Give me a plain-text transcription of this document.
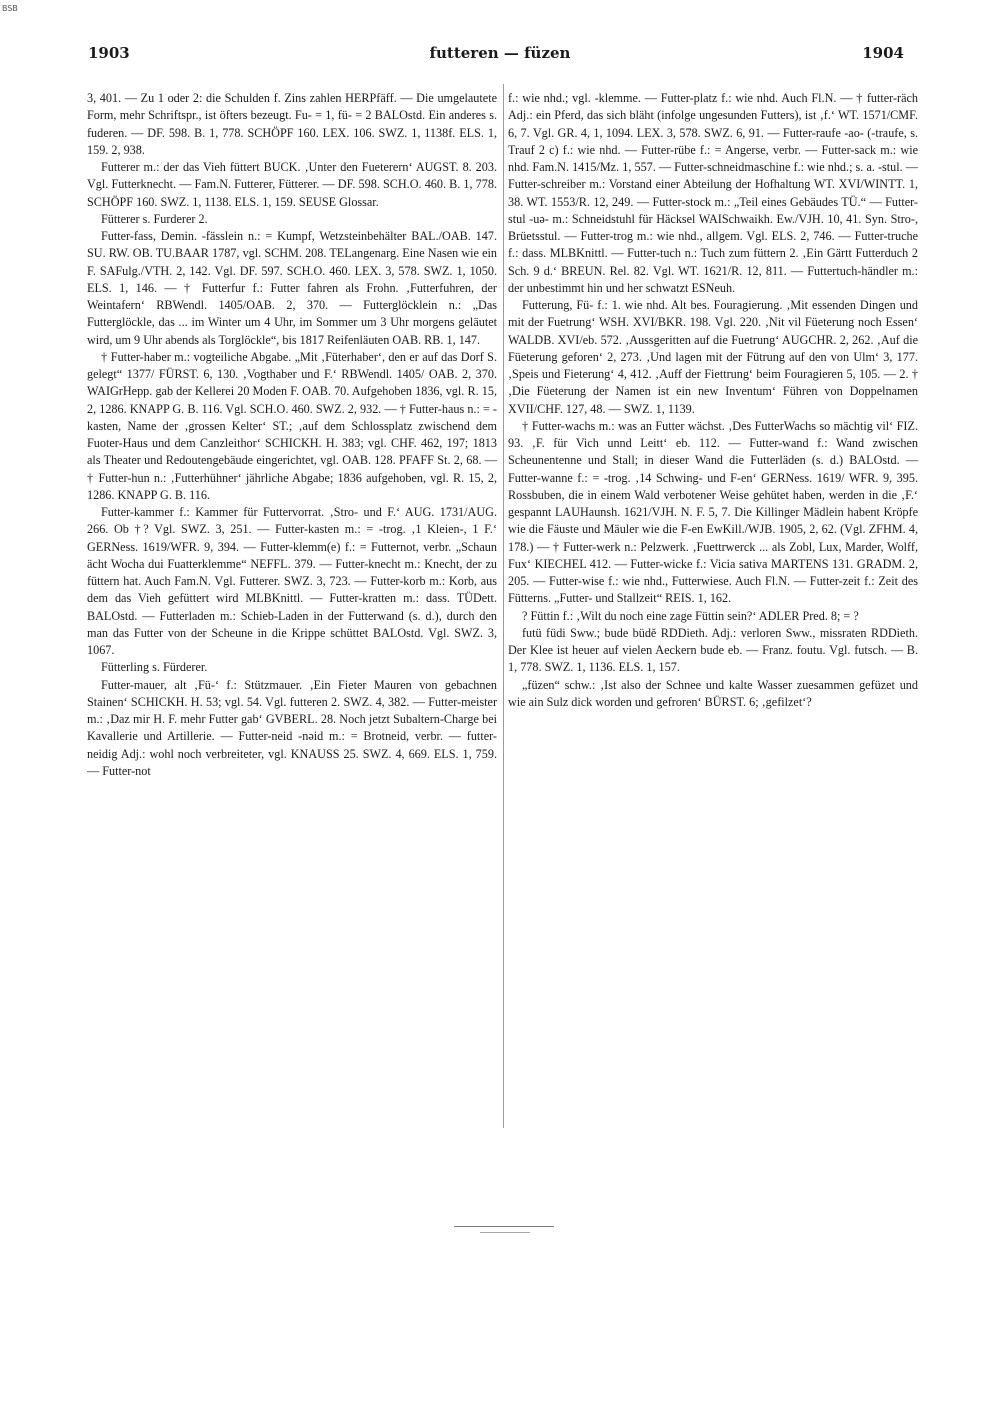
BSB
1903	futteren — füzen	1904

3, 401. — Zu 1 oder 2: die Schulden f. Zins zahlen HERPfäff. — Die umgelautete Form, mehr Schriftspr., ist öfters bezeugt. Fu- = 1, fü- = 2 BALOstd. Ein anderes s. fuderen. — DF. 598. B. 1, 778. SCHÖPF 160. LEX. 106. SWZ. 1, 1138f. ELS. 1, 159. 2, 938.

Futterer m.: der das Vieh füttert BUCK. ‚Unter den Fueterern‘ AUGST. 8. 203. Vgl. Futterknecht. — Fam.N. Futterer, Fütterer. — DF. 598. SCH.O. 460. B. 1, 778. SCHÖPF 160. SWZ. 1, 1138. ELS. 1, 159. SEUSE Glossar.

Fütterer s. Furderer 2.

Futter-fass, Demin. -fässlein n.: = Kumpf, Wetzsteinbehälter BAL./OAB. 147. SU. RW. OB. TU.BAAR 1787, vgl. SCHM. 208. TELangenarg. Eine Nasen wie ein F. SAFulg./VTH. 2, 142. Vgl. DF. 597. SCH.O. 460. LEX. 3, 578. SWZ. 1, 1050. ELS. 1, 146. — † Futterfur f.: Futter fahren als Frohn. ‚Futterfuhren, der Weintafern‘ RBWendl. 1405/OAB. 2, 370. — Futterglöcklein n.: „Das Futterglöckle, das ... im Winter um 4 Uhr, im Sommer um 3 Uhr morgens geläutet wird, um 9 Uhr abends als Torglöckle“, bis 1817 Reifenläuten OAB. RB. 1, 147.

† Futter-haber m.: vogteiliche Abgabe. „Mit ‚Füterhaber‘, den er auf das Dorf S. gelegt“ 1377/ FÜRST. 6, 130. ‚Vogthaber und F.‘ RBWendl. 1405/ OAB. 2, 370. WAIGrHepp. gab der Kellerei 20 Moden F. OAB. 70. Aufgehoben 1836, vgl. R. 15, 2, 1286. KNAPP G. B. 116. Vgl. SCH.O. 460. SWZ. 2, 932. — † Futter-haus n.: = -kasten, Name der ‚grossen Kelter‘ ST.; ‚auf dem Schlossplatz zwischend dem Fuoter-Haus und dem Canzleithor‘ SCHICKH. H. 383; vgl. CHF. 462, 197; 1813 als Theater und Redoutengebäude eingerichtet, vgl. OAB. 128. PFAFF St. 2, 68. — † Futter-hun n.: ‚Futterhühner‘ jährliche Abgabe; 1836 aufgehoben, vgl. R. 15, 2, 1286. KNAPP G. B. 116.

Futter-kammer f.: Kammer für Futtervorrat. ‚Stro- und F.‘ AUG. 1731/AUG. 266. Ob †? Vgl. SWZ. 3, 251. — Futter-kasten m.: = -trog. ‚1 Kleien-, 1 F.‘ GERNess. 1619/WFR. 9, 394. — Futter-klemm(e) f.: = Futternot, verbr. „Schaun ächt Wocha dui Fuatterklemme“ NEFFL. 379. — Futter-knecht m.: Knecht, der zu füttern hat. Auch Fam.N. Vgl. Futterer. SWZ. 3, 723. — Futter-korb m.: Korb, aus dem das Vieh gefüttert wird MLBKnittl. — Futter-kratten m.: dass. TÜDett. BALOstd. — Futterladen m.: Schieb-Laden in der Futterwand (s. d.), durch den man das Futter von der Scheune in die Krippe schüttet BALOstd. Vgl. SWZ. 3, 1067.

Fütterling s. Fürderer.

Futter-mauer, alt ‚Fü-‘ f.: Stützmauer. ‚Ein Fieter Mauren von gebachnen Stainen‘ SCHICKH. H. 53; vgl. 54. Vgl. futteren 2. SWZ. 4, 382. — Futter-meister m.: ‚Daz mir H. F. mehr Futter gab‘ GVBERL. 28. Noch jetzt Subaltern-Charge bei Kavallerie und Artillerie. — Futter-neid -nəid m.: = Brotneid, verbr. — futter-neidig Adj.: wohl noch verbreiteter, vgl. KNAUSS 25. SWZ. 4, 669. ELS. 1, 759. — Futter-not

f.: wie nhd.; vgl. -klemme. — Futter-platz f.: wie nhd. Auch Fl.N. — † futter-räch Adj.: ein Pferd, das sich bläht (infolge ungesunden Futters), ist ‚f.‘ WT. 1571/CMF. 6, 7. Vgl. GR. 4, 1, 1094. LEX. 3, 578. SWZ. 6, 91. — Futter-raufe -ao- (-traufe, s. Trauf 2 c) f.: wie nhd. — Futter-rübe f.: = Angerse, verbr. — Futter-sack m.: wie nhd. Fam.N. 1415/Mz. 1, 557. — Futter-schneidmaschine f.: wie nhd.; s. a. -stul. — Futter-schreiber m.: Vorstand einer Abteilung der Hofhaltung WT. XVI/WINTT. 1, 38. WT. 1553/R. 12, 249. — Futter-stock m.: „Teil eines Gebäudes TÜ.“ — Futter-stul -uə- m.: Schneidstuhl für Häcksel WAISchwaikh. Ew./VJH. 10, 41. Syn. Stro-, Brüetsstul. — Futter-trog m.: wie nhd., allgem. Vgl. ELS. 2, 746. — Futter-truche f.: dass. MLBKnittl. — Futter-tuch n.: Tuch zum füttern 2. ‚Ein Gärtt Futterduch 2 Sch. 9 d.‘ BREUN. Rel. 82. Vgl. WT. 1621/R. 12, 811. — Futtertuch-händler m.: der unbestimmt hin und her schwatzt ESNeuh.

Futterung, Fü- f.: 1. wie nhd. Alt bes. Fouragierung. ‚Mit essenden Dingen und mit der Fuetrung‘ WSH. XVI/BKR. 198. Vgl. 220. ‚Nit vil Füeterung noch Essen‘ WALDB. XVI/eb. 572. ‚Aussgeritten auf die Fuetrung‘ AUGCHR. 2, 262. ‚Auf die Füeterung geforen‘ 2, 273. ‚Und lagen mit der Fütrung auf den von Ulm‘ 3, 177. ‚Speis und Fieterung‘ 4, 412. ‚Auff der Fiettrung‘ beim Fouragieren 5, 105. — 2. † ‚Die Füeterung der Namen ist ein new Inventum‘ Führen von Doppelnamen XVII/CHF. 127, 48. — SWZ. 1, 1139.

† Futter-wachs m.: was an Futter wächst. ‚Des FutterWachs so mächtig vil‘ FIZ. 93. ‚F. für Vich unnd Leitt‘ eb. 112. — Futter-wand f.: Wand zwischen Scheunentenne und Stall; in dieser Wand die Futterläden (s. d.) BALOstd. — Futter-wanne f.: = -trog. ‚14 Schwing- und F-en‘ GERNess. 1619/ WFR. 9, 395. Rossbuben, die in einem Wald verbotener Weise gehütet haben, werden in die ‚F.‘ gespannt LAUHaunsh. 1621/VJH. N. F. 5, 7. Die Killinger Mädlein habent Kröpfe wie die Fäuste und Mäuler wie die F-en EwKill./WJB. 1905, 2, 62. (Vgl. ZFHM. 4, 178.) — † Futter-werk n.: Pelzwerk. ‚Fuettrwerck ... als Zobl, Lux, Marder, Wolff, Fux‘ KIECHEL 412. — Futter-wicke f.: Vicia sativa MARTENS 131. GRADM. 2, 205. — Futter-wise f.: wie nhd., Futterwiese. Auch Fl.N. — Futter-zeit f.: Zeit des Fütterns. „Futter- und Stallzeit“ REIS. 1, 162.

? Füttin f.: ‚Wilt du noch eine zage Füttin sein?‘ ADLER Pred. 8; = ?

futü füdi Sww.; bude büdě RDDieth. Adj.: verloren Sww., missraten RDDieth. Der Klee ist heuer auf vielen Aeckern bude eb. — Franz. foutu. Vgl. futsch. — B. 1, 778. SWZ. 1, 1136. ELS. 1, 157.

„füzen“ schw.: ‚Ist also der Schnee und kalte Wasser zuesammen gefüzet und wie ain Sulz dick worden und gefroren‘ BÜRST. 6; ‚gefilzet‘?
